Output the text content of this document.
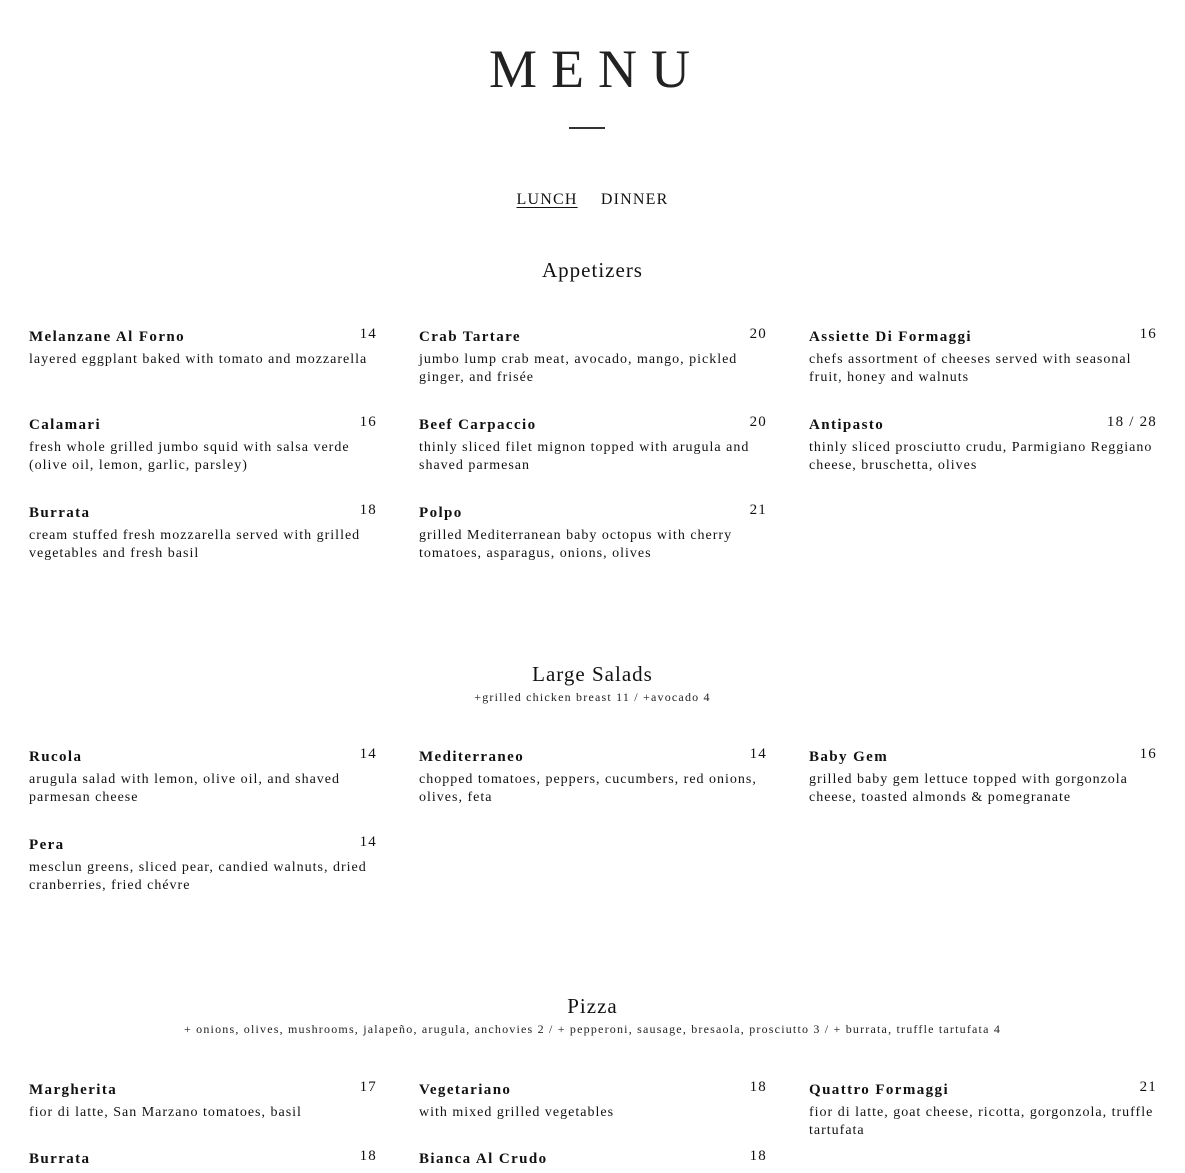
MENU
LUNCH DINNER
Appetizers
Melanzane Al Forno	14
layered eggplant baked with tomato and mozzarella
Crab Tartare	20
jumbo lump crab meat, avocado, mango, pickled ginger, and frisée
Assiette Di Formaggi	16
chefs assortment of cheeses served with seasonal fruit, honey and walnuts
Calamari	16
fresh whole grilled jumbo squid with salsa verde (olive oil, lemon, garlic, parsley)
Beef Carpaccio	20
thinly sliced filet mignon topped with arugula and shaved parmesan
Antipasto	18 / 28
thinly sliced prosciutto crudu, Parmigiano Reggiano cheese, bruschetta, olives
Burrata	18
cream stuffed fresh mozzarella served with grilled vegetables and fresh basil
Polpo	21
grilled Mediterranean baby octopus with cherry tomatoes, asparagus, onions, olives
Large Salads
+grilled chicken breast 11 / +avocado 4
Rucola	14
arugula salad with lemon, olive oil, and shaved parmesan cheese
Mediterraneo	14
chopped tomatoes, peppers, cucumbers, red onions, olives, feta
Baby Gem	16
grilled baby gem lettuce topped with gorgonzola cheese, toasted almonds & pomegranate
Pera	14
mesclun greens, sliced pear, candied walnuts, dried cranberries, fried chévre
Pizza
+ onions, olives, mushrooms, jalapeño, arugula, anchovies 2 / + pepperoni, sausage, bresaola, prosciutto 3 / + burrata, truffle tartufata 4
Margherita	17
fior di latte, San Marzano tomatoes, basil
Vegetariano	18
with mixed grilled vegetables
Quattro Formaggi	21
fior di latte, goat cheese, ricotta, gorgonzola, truffle tartufata
Burrata	18	Bianca Al Crudo	18
